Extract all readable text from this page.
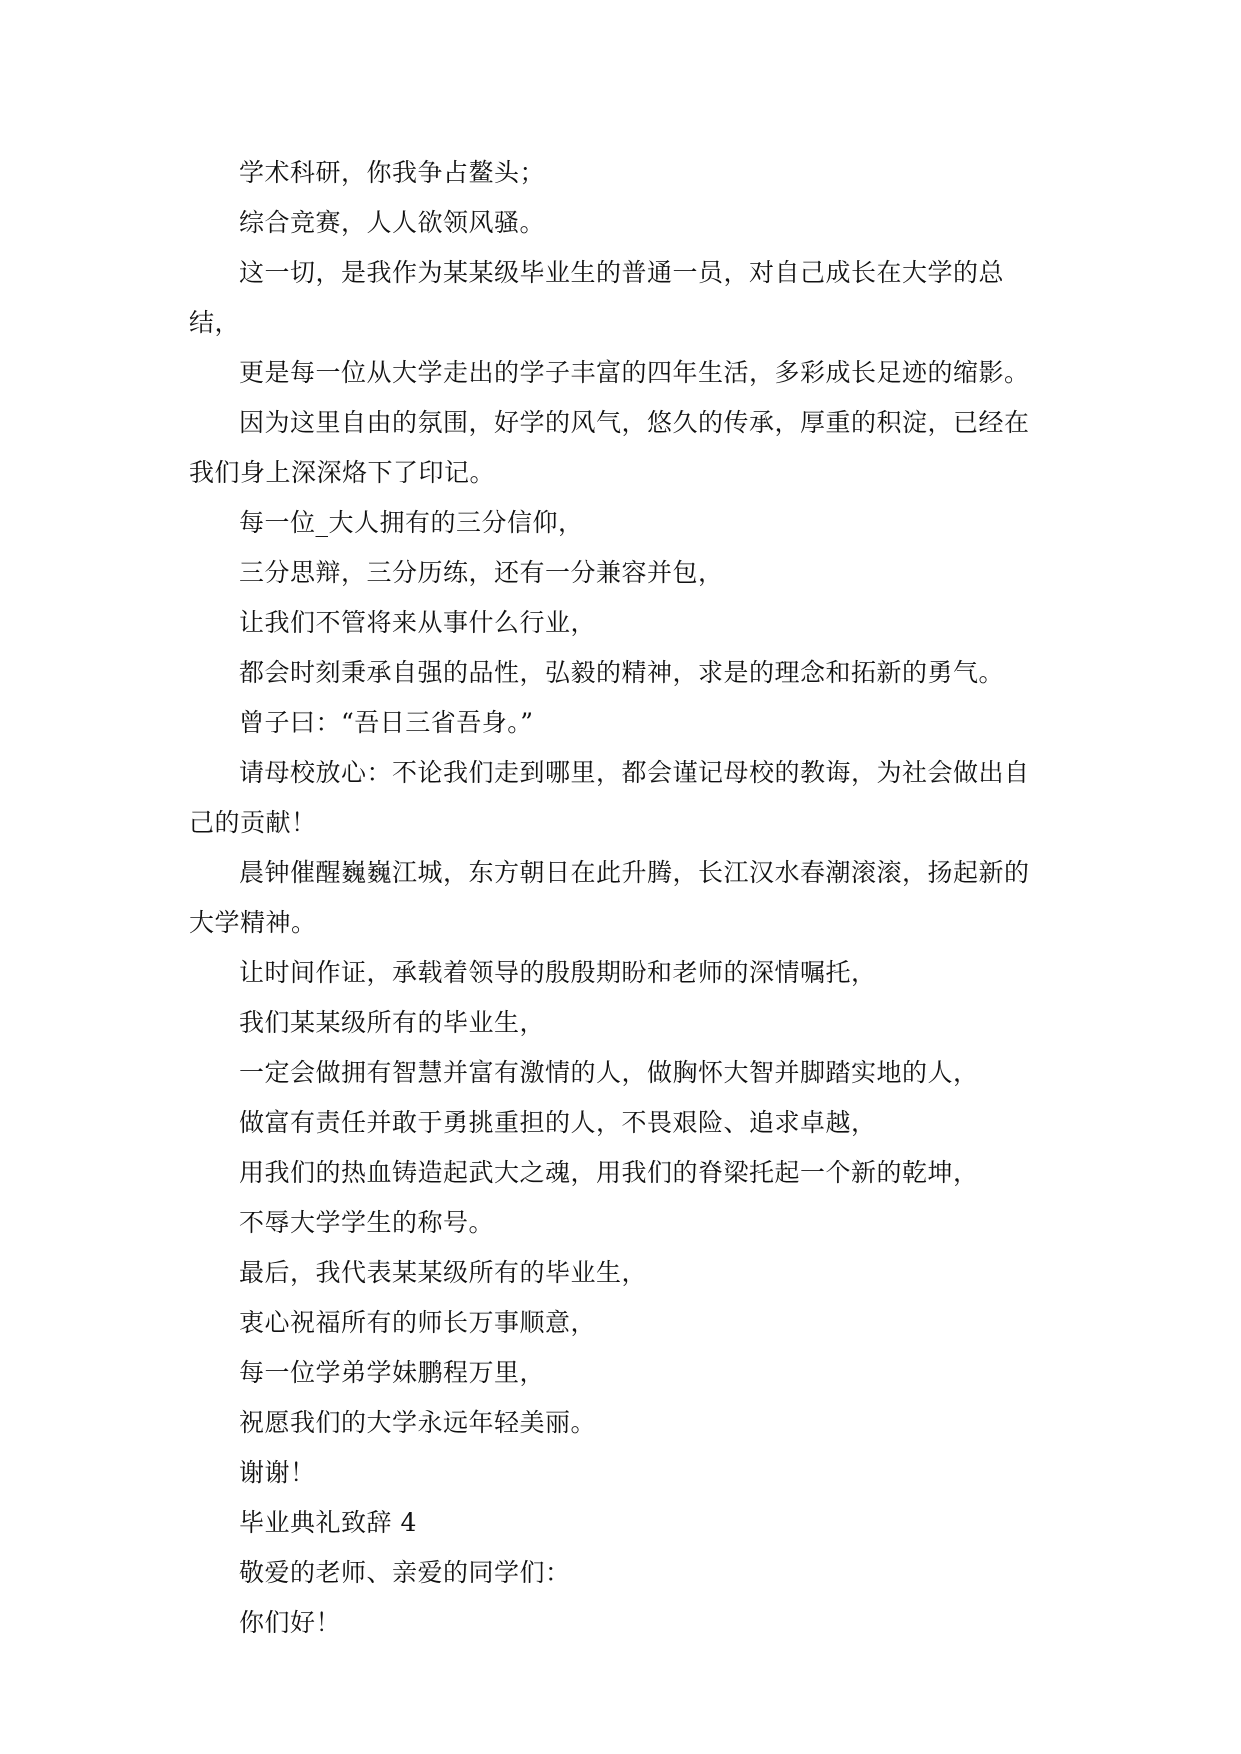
学术科研，你我争占鳌头；

综合竞赛，人人欲领风骚。

这一切，是我作为某某级毕业生的普通一员，对自己成长在大学的总结，

更是每一位从大学走出的学子丰富的四年生活，多彩成长足迹的缩影。

因为这里自由的氛围，好学的风气，悠久的传承，厚重的积淀，已经在我们身上深深烙下了印记。

每一位_大人拥有的三分信仰，

三分思辩，三分历练，还有一分兼容并包，

让我们不管将来从事什么行业，

都会时刻秉承自强的品性，弘毅的精神，求是的理念和拓新的勇气。

曾子曰：“吾日三省吾身。”

请母校放心：不论我们走到哪里，都会谨记母校的教诲，为社会做出自己的贡献！

晨钟催醒巍巍江城，东方朝日在此升腾，长江汉水春潮滚滚，扬起新的大学精神。

让时间作证，承载着领导的殷殷期盼和老师的深情嘱托，

我们某某级所有的毕业生，

一定会做拥有智慧并富有激情的人，做胸怀大智并脚踏实地的人，

做富有责任并敢于勇挑重担的人，不畏艰险、追求卓越，

用我们的热血铸造起武大之魂，用我们的脊梁托起一个新的乾坤，

不辱大学学生的称号。

最后，我代表某某级所有的毕业生，

衷心祝福所有的师长万事顺意，

每一位学弟学妹鹏程万里，

祝愿我们的大学永远年轻美丽。

谢谢！

毕业典礼致辞 4

敬爱的老师、亲爱的同学们：

你们好！
